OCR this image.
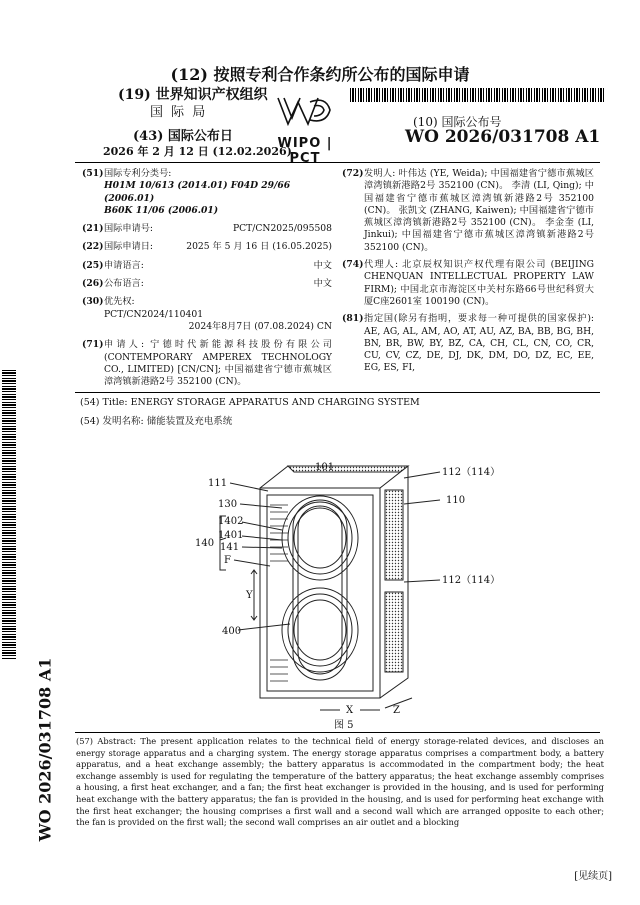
(12) 按照专利合作条约所公布的国际申请
(19) 世界知识产权组织
国 际 局
(43) 国际公布日
2026 年 2 月 12 日 (12.02.2026)
WIPO | PCT
(10) 国际公布号
WO 2026/031708 A1
(51)国际专利分类号:
H01M 10/613 (2014.01) F04D 29/66 (2006.01)
B60K 11/06 (2006.01)
(21)国际申请号:	PCT/CN2025/095508
(22)国际申请日:	2025 年 5 月 16 日 (16.05.2025)
(25)申请语言:	中文
(26)公布语言:	中文
(30)优先权:
PCT/CN2024/110401
2024年8月7日 (07.08.2024) CN
(71) 申请人: 宁德时代新能源科技股份有限公司 (CONTEMPORARY AMPEREX TECHNOLOGY CO., LIMITED) [CN/CN]; 中国福建省宁德市蕉城区漳湾镇新港路2号 352100 (CN)。
(72) 发明人: 叶伟达 (YE, Weida); 中国福建省宁德市蕉城区漳湾镇新港路2号 352100 (CN)。 李清 (LI, Qing); 中国福建省宁德市蕉城区漳湾镇新港路2号 352100 (CN)。 张凯文 (ZHANG, Kaiwen); 中国福建省宁德市蕉城区漳湾镇新港路2号 352100 (CN)。 李金奎 (LI, Jinkui); 中国福建省宁德市蕉城区漳湾镇新港路2号 352100 (CN)。
(74) 代理人: 北京辰权知识产权代理有限公司 (BEIJING CHENQUAN INTELLECTUAL PROPERTY LAW FIRM); 中国北京市海淀区中关村东路66号世纪科贸大厦C座2601室 100190 (CN)。
(81) 指定国(除另有指明，要求每一种可提供的国家保护): AE, AG, AL, AM, AO, AT, AU, AZ, BA, BB, BG, BH, BN, BR, BW, BY, BZ, CA, CH, CL, CN, CO, CR, CU, CV, CZ, DE, DJ, DK, DM, DO, DZ, EC, EE, EG, ES, FI,
(54) Title: ENERGY STORAGE APPARATUS AND CHARGING SYSTEM
(54) 发明名称: 储能装置及充电系统
WO 2026/031708 A1
101
111
130
1402
1401
140 141
F
Y
400
112（114）
110
112（114）
X	Z
图 5
(57) Abstract: The present application relates to the technical field of energy storage-related devices, and discloses an energy storage apparatus and a charging system. The energy storage apparatus comprises a compartment body, a battery apparatus, and a heat exchange assembly; the battery apparatus is accommodated in the compartment body; the heat exchange assembly is used for regulating the temperature of the battery apparatus; the heat exchange assembly comprises a housing, a first heat exchanger, and a fan; the first heat exchanger is provided in the housing, and is used for performing heat exchange with the battery apparatus; the fan is provided in the housing, and is used for performing heat exchange with the first heat exchanger; the housing comprises a first wall and a second wall which are arranged opposite to each other; the fan is provided on the first wall; the second wall comprises an air outlet and a blocking
[见续页]
